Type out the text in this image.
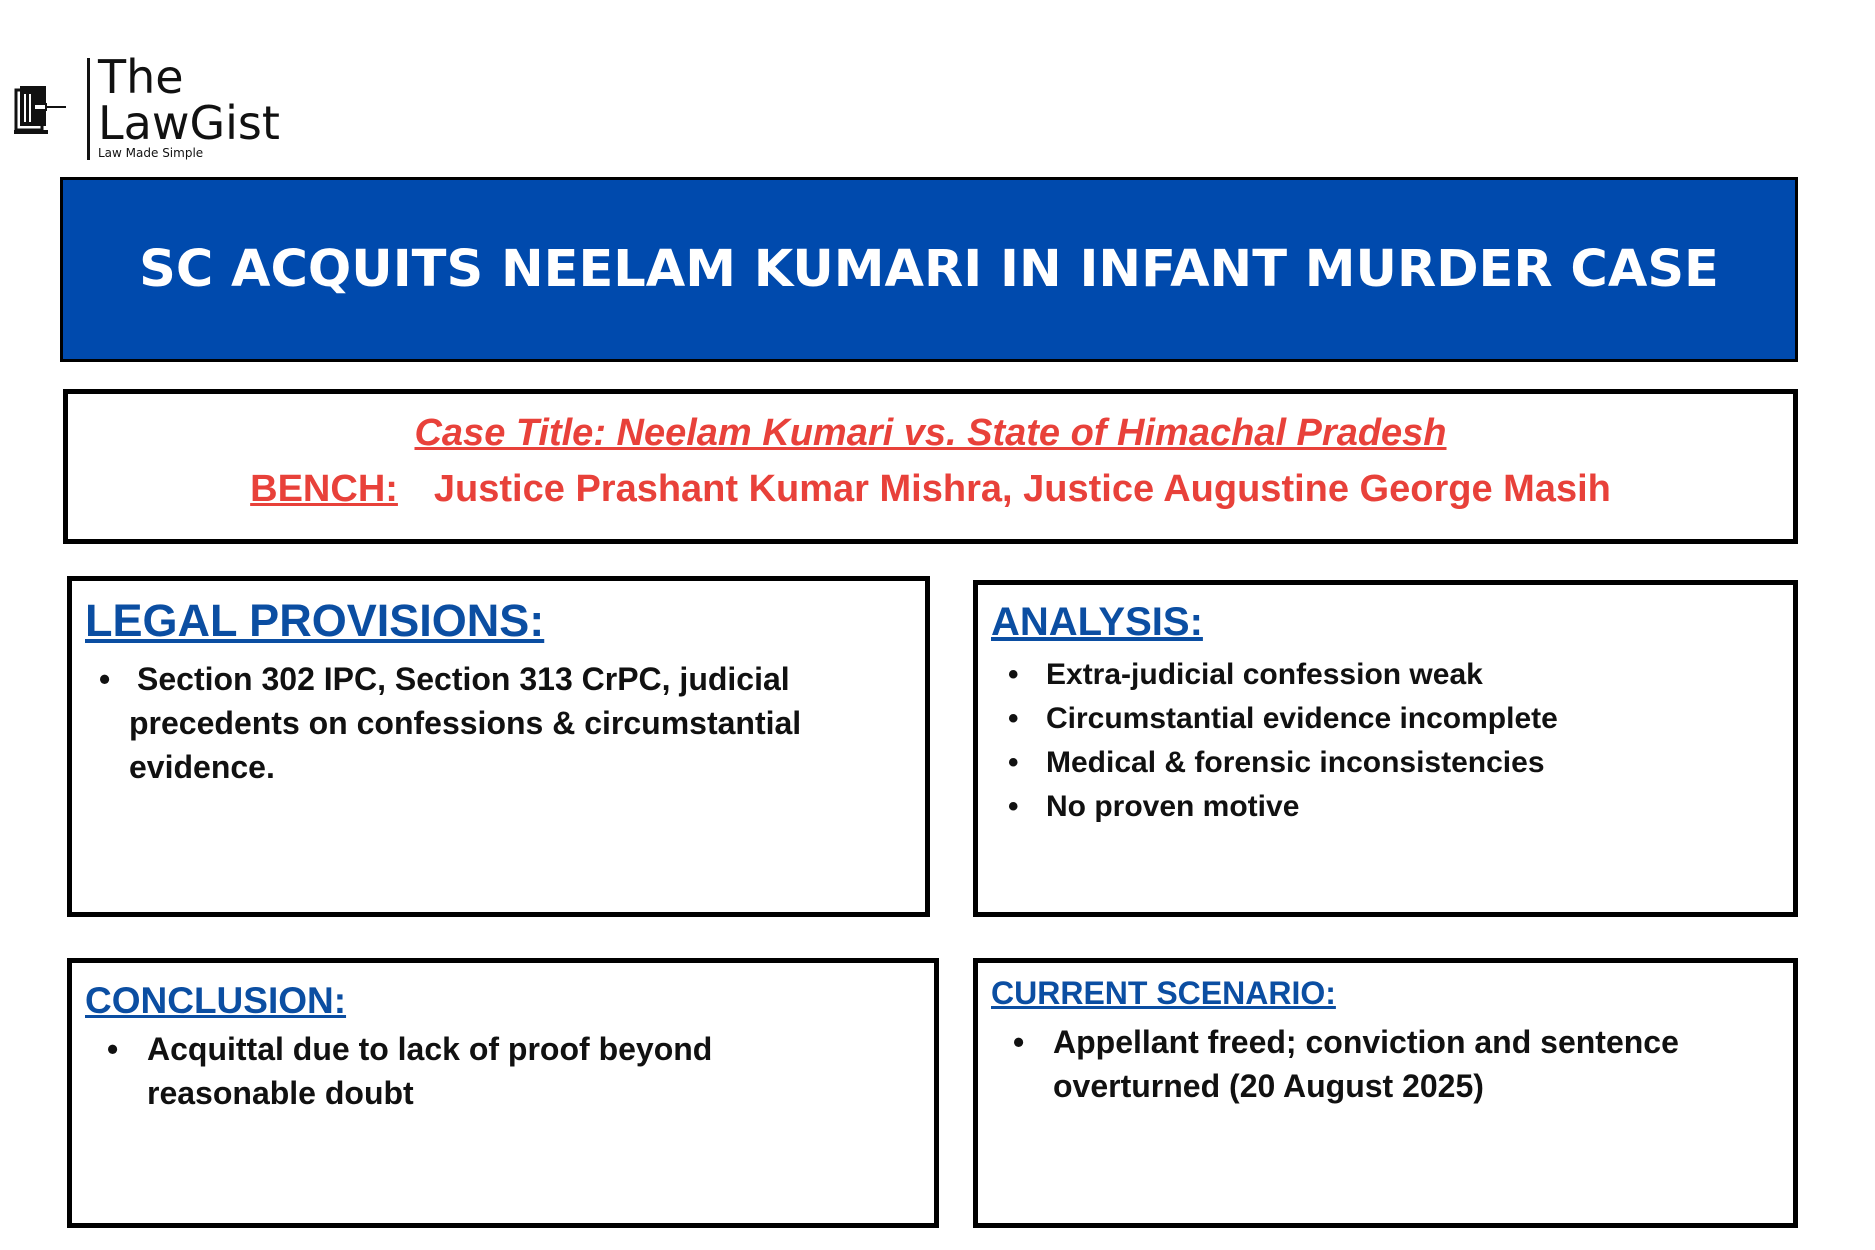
The
LawGist
Law Made Simple
SC ACQUITS NEELAM KUMARI IN INFANT MURDER CASE
Case Title: Neelam Kumari vs. State of Himachal Pradesh
BENCH: Justice Prashant Kumar Mishra, Justice Augustine George Masih
LEGAL PROVISIONS:
• Section 302 IPC, Section 313 CrPC, judicial precedents on confessions & circumstantial evidence.
ANALYSIS:
• Extra-judicial confession weak
• Circumstantial evidence incomplete
• Medical & forensic inconsistencies
• No proven motive
CONCLUSION:
• Acquittal due to lack of proof beyond reasonable doubt
CURRENT SCENARIO:
• Appellant freed; conviction and sentence overturned (20 August 2025)
